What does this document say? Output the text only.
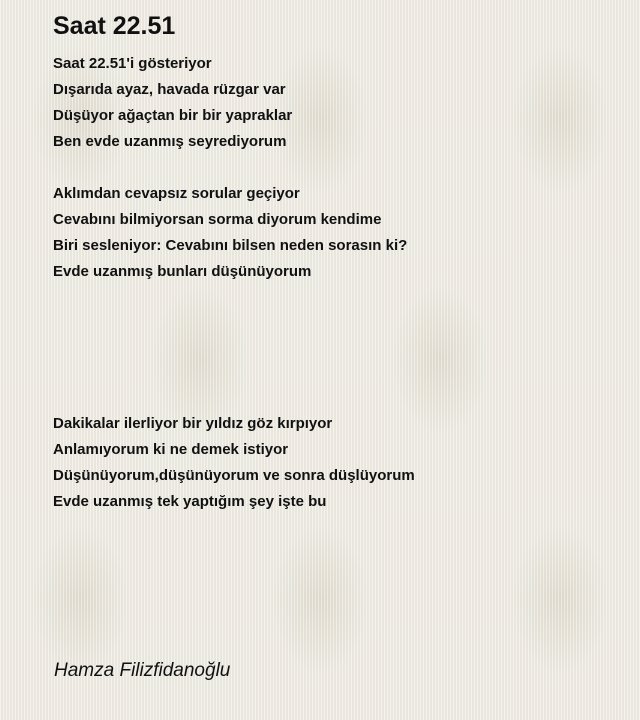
Saat 22.51
Saat 22.51'i gösteriyor
Dışarıda ayaz, havada rüzgar var
Düşüyor ağaçtan bir bir yapraklar
Ben evde uzanmış seyrediyorum
Aklımdan cevapsız sorular geçiyor
Cevabını bilmiyorsan sorma diyorum kendime
Biri sesleniyor: Cevabını bilsen neden sorasın ki?
Evde uzanmış bunları düşünüyorum
Dakikalar ilerliyor bir yıldız göz kırpıyor
Anlamıyorum ki ne demek istiyor
Düşünüyorum,düşünüyorum ve sonra düşlüyorum
Evde uzanmış tek yaptığım şey işte bu
Hamza Filizfidanoğlu
